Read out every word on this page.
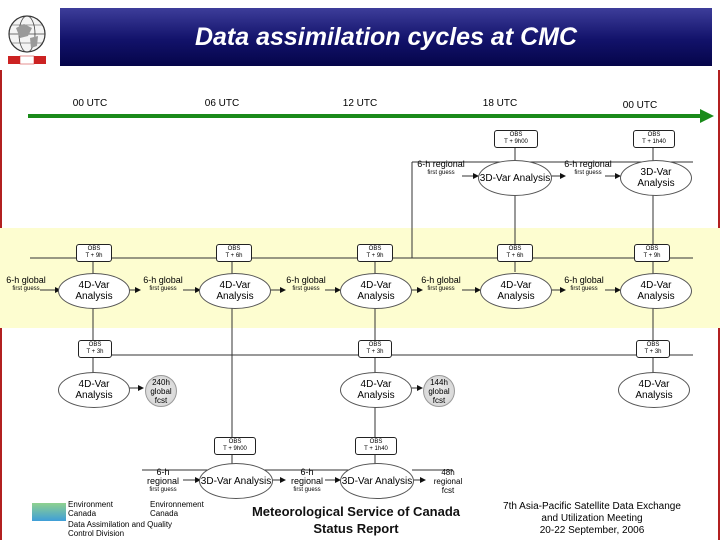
Data assimilation cycles at CMC
00 UTC	06 UTC	12 UTC	18 UTC	00 UTC
OBS
T + 9h00
OBS
T + 1h40
6-h regional
first guess	3D-Var Analysis
6-h regional
first guess	3D-Var Analysis
OBS
T + 9h
OBS
T + 6h
OBS
T + 9h
OBS
T + 6h
OBS
T + 9h
6-h global
first guess	4D-Var Analysis
6-h global
first guess	4D-Var Analysis
6-h global
first guess	4D-Var Analysis
6-h global
first guess	4D-Var Analysis
6-h global
first guess	4D-Var Analysis
OBS
T + 3h
OBS
T + 3h
OBS
T + 3h
4D-Var Analysis
240h global fcst
4D-Var Analysis
144h global fcst
4D-Var Analysis
OBS
T + 9h00
OBS
T + 1h40
6-h regional
first guess
3D-Var Analysis
6-h regional
first guess
3D-Var Analysis
48h regional fcst
Environment Canada
Environnement Canada
Data Assimilation and Quality Control Division
Meteorological Service of Canada
Status Report
7th Asia-Pacific Satellite Data Exchange and Utilization Meeting
20-22 September, 2006
